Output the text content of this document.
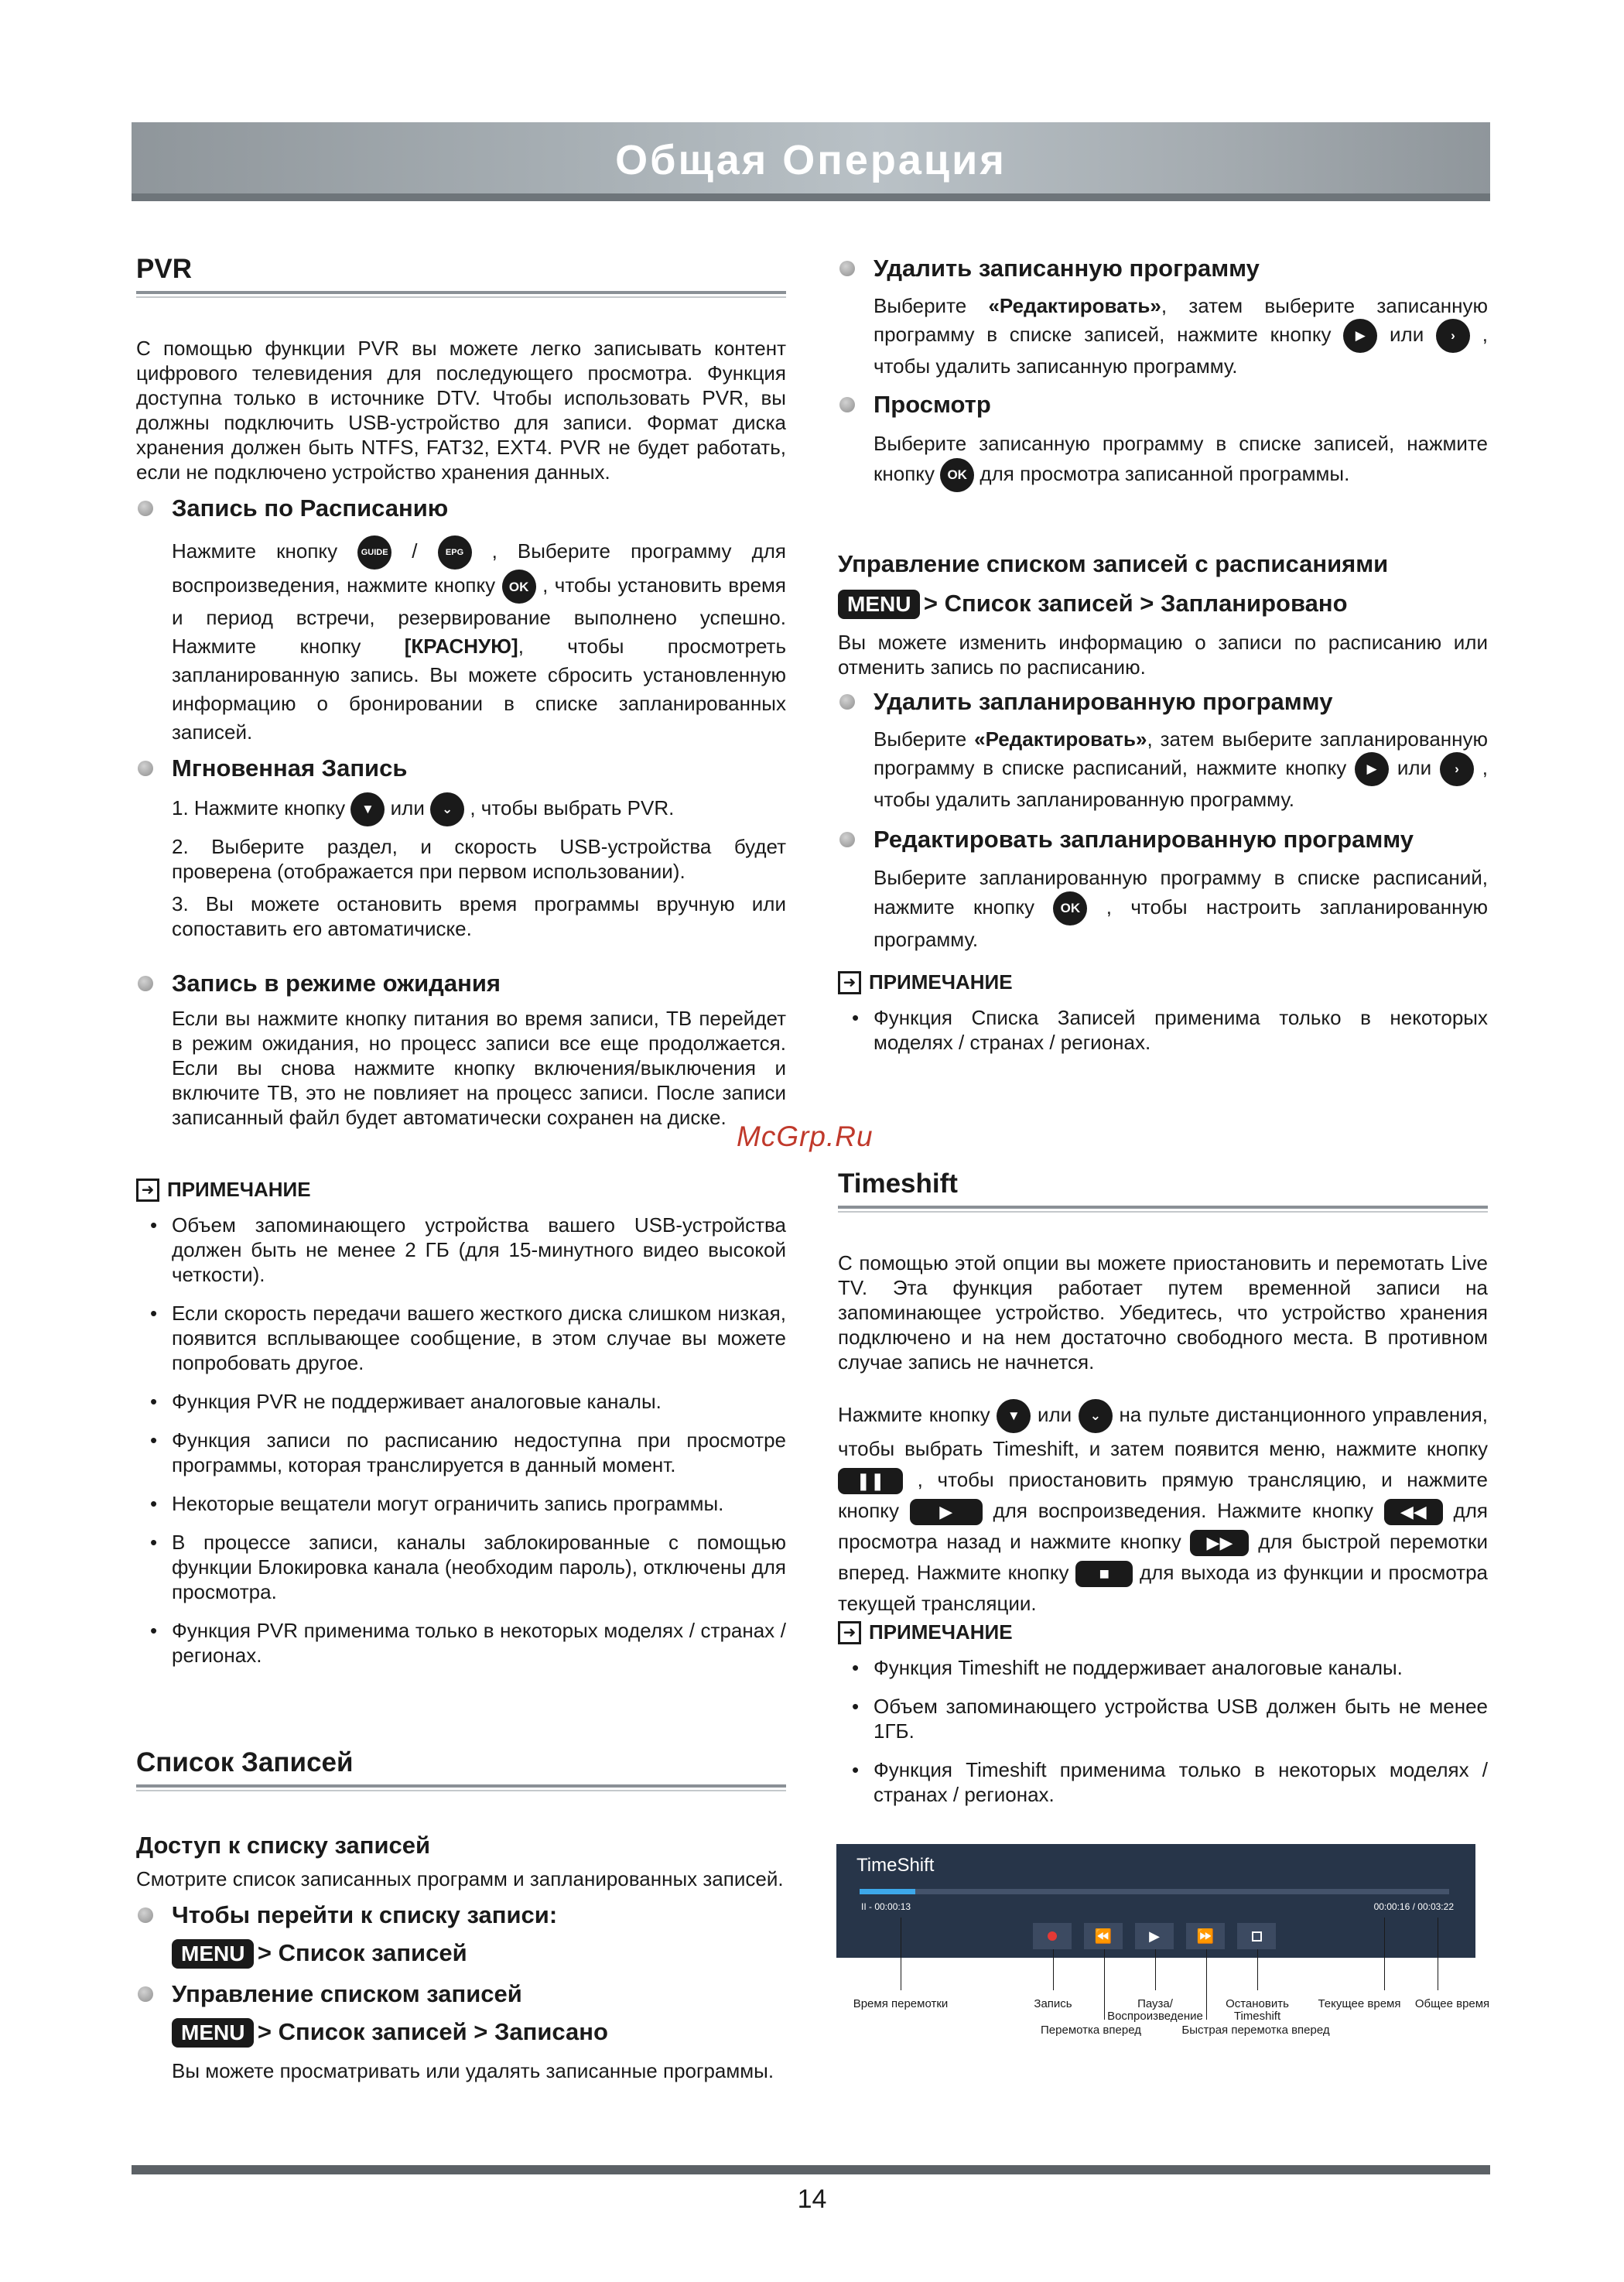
Общая Операция
PVR
С помощью функции PVR вы можете легко записывать контент цифрового телевидения для последующего просмотра. Функция доступна только в источнике DTV. Чтобы использовать PVR, вы должны подключить USB-устройство для записи. Формат диска хранения должен быть NTFS, FAT32, EXT4. PVR не будет работать, если не подключено устройство хранения данных.
Запись по Расписанию
Нажмите кнопку	GUIDE /	EPG , Выберите программу для воспроизведения, нажмите кнопку OK , чтобы установить время и период встречи, резервирование выполнено успешно. Нажмите кнопку [КРАСНУЮ], чтобы просмотреть запланированную запись. Вы можете сбросить установленную информацию о бронировании в списке запланированных записей.
Мгновенная Запись
1. Нажмите кнопку ▼ или ⌄ , чтобы выбрать PVR.
2. Выберите раздел, и скорость USB-устройства будет проверена (отображается при первом использовании).
3. Вы можете остановить время программы вручную или сопоставить его автоматичиске.
Запись в режиме ожидания
Если вы нажмите кнопку питания во время записи, ТВ перейдет в режим ожидания, но процесс записи все еще продолжается. Если вы снова нажмите кнопку включения/выключения и включите ТВ, это не повлияет на процесс записи. После записи записанный файл будет автоматически сохранен на диске.
➜ ПРИМЕЧАНИЕ
• Объем запоминающего устройства вашего USB-устройства должен быть не менее 2 ГБ (для 15-минутного видео высокой четкости).
• Если скорость передачи вашего жесткого диска слишком низкая, появится всплывающее сообщение, в этом случае вы можете попробовать другое.
• Функция PVR не поддерживает аналоговые каналы.
• Функция записи по расписанию недоступна при просмотре программы, которая транслируется в данный момент.
• Некоторые вещатели могут ограничить запись программы.
• В процессе записи, каналы заблокированные с помощью функции Блокировка канала (необходим пароль), отключены для просмотра.
• Функция PVR применима только в некоторых моделях / странах / регионах.
Список Записей
Доступ к списку записей
Смотрите список записанных программ и запланированных записей.
Чтобы перейти к списку записи:
MENU > Список записей
Управление списком записей
MENU > Список записей > Записано
Вы можете просматривать или удалять записанные программы.
Удалить записанную программу
Выберите «Редактировать», затем выберите записанную программу в списке записей, нажмите кнопку ▶ или › , чтобы удалить записанную программу.
Просмотр
Выберите записанную программу в списке записей, нажмите кнопку OK для просмотра записанной программы.
Управление списком записей с расписаниями
MENU > Список записей > Запланировано
Вы можете изменить информацию о записи по расписанию или отменить запись по расписанию.
Удалить запланированную программу
Выберите «Редактировать», затем выберите запланированную программу в списке расписаний, нажмите кнопку ▶ или › , чтобы удалить запланированную программу.
Редактировать запланированную программу
Выберите запланированную программу в списке расписаний, нажмите кнопку OK , чтобы настроить запланированную программу.
➜ ПРИМЕЧАНИЕ
• Функция Списка Записей применима только в некоторых моделях / странах / регионах.
McGrp.Ru
Timeshift
С помощью этой опции вы можете приостановить и перемотать Live TV. Эта функция работает путем временной записи на запоминающее устройство. Убедитесь, что устройство хранения подключено и на нем достаточно свободного места. В противном случае запись не начнется.
Нажмите кнопку ▼ или ⌄ на пульте дистанционного управления, чтобы выбрать Timeshift, и затем появится меню, нажмите кнопку ❚❚ , чтобы приостановить прямую трансляцию, и нажмите кнопку ▶ для воспроизведения. Нажмите кнопку ◀◀ для просмотра назад и нажмите кнопку ▶▶ для быстрой перемотки вперед. Нажмите кнопку ■ для выхода из функции и просмотра текущей трансляции.
➜ ПРИМЕЧАНИЕ
• Функция Timeshift не поддерживает аналоговые каналы.
• Объем запоминающего устройства USB должен быть не менее 1ГБ.
• Функция Timeshift применима только в некоторых моделях / странах / регионах.
TimeShift
II - 00:00:13	00:00:16 / 00:03:22
⏪	▶	⏩
Время перемотки	Запись	Пауза/
Воспроизведение
Остановить
Timeshift
Текущее время	Общее время
Перемотка вперед	Быстрая перемотка вперед
14
